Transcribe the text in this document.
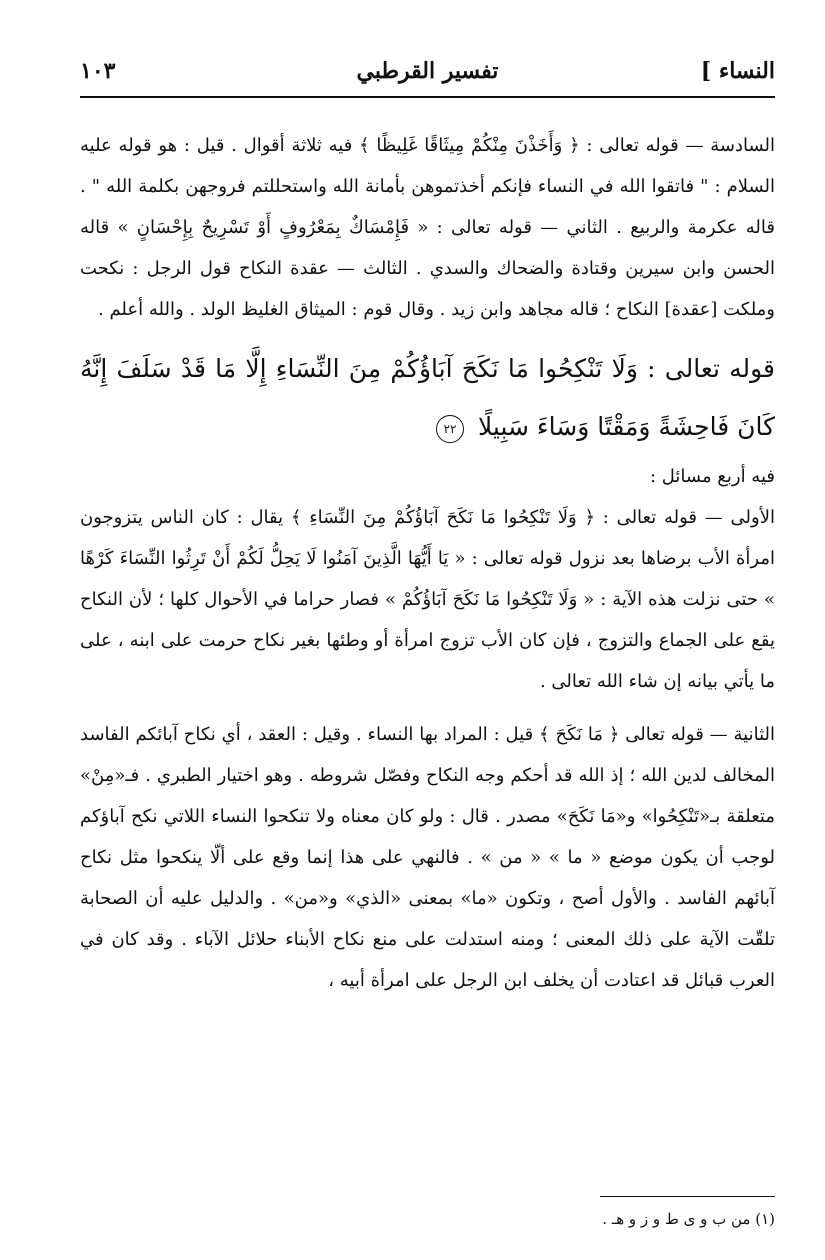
النساء ]
تفسير القرطبي
١٠٣

السادسة — قوله تعالى : ﴿ وَأَخَذْنَ مِنْكُمْ مِيثَاقًا غَلِيظًا ﴾ فيه ثلاثة أقوال . قيل : هو قوله عليه السلام : " فاتقوا الله في النساء فإنكم أخذتموهن بأمانة الله واستحللتم فروجهن بكلمة الله " . قاله عكرمة والربيع . الثاني — قوله تعالى : « فَإِمْسَاكٌ بِمَعْرُوفٍ أَوْ تَسْرِيحٌ بِإِحْسَانٍ » قاله الحسن وابن سيرين وقتادة والضحاك والسدي . الثالث — عقدة النكاح قول الرجل : نكحت وملكت [عقدة] النكاح ؛ قاله مجاهد وابن زيد . وقال قوم : الميثاق الغليظ الولد . والله أعلم .

قوله تعالى : وَلَا تَنْكِحُوا مَا نَكَحَ آبَاؤُكُمْ مِنَ النِّسَاءِ إِلَّا مَا قَدْ سَلَفَ إِنَّهُ كَانَ فَاحِشَةً وَمَقْتًا وَسَاءَ سَبِيلًا ٢٢

فيه أربع مسائل :

الأولى — قوله تعالى : ﴿ وَلَا تَنْكِحُوا مَا نَكَحَ آبَاؤُكُمْ مِنَ النِّسَاءِ ﴾ يقال : كان الناس يتزوجون امرأة الأب برضاها بعد نزول قوله تعالى : « يَا أَيُّهَا الَّذِينَ آمَنُوا لَا يَحِلُّ لَكُمْ أَنْ تَرِثُوا النِّسَاءَ كَرْهًا » حتى نزلت هذه الآية : « وَلَا تَنْكِحُوا مَا نَكَحَ آبَاؤُكُمْ » فصار حراما في الأحوال كلها ؛ لأن النكاح يقع على الجماع والتزوج ، فإن كان الأب تزوج امرأة أو وطئها بغير نكاح حرمت على ابنه ، على ما يأتي بيانه إن شاء الله تعالى .

الثانية — قوله تعالى ﴿ مَا نَكَحَ ﴾ قيل : المراد بها النساء . وقيل : العقد ، أي نكاح آبائكم الفاسد المخالف لدين الله ؛ إذ الله قد أحكم وجه النكاح وفصّل شروطه . وهو اختيار الطبري . فـ«مِنْ» متعلقة بـ«تَنْكِحُوا» و«مَا نَكَحَ» مصدر . قال : ولو كان معناه ولا تنكحوا النساء اللاتي نكح آباؤكم لوجب أن يكون موضع « ما » « من » . فالنهي على هذا إنما وقع على ألّا ينكحوا مثل نكاح آبائهم الفاسد . والأول أصح ، وتكون «ما» بمعنى «الذي» و«من» . والدليل عليه أن الصحابة تلقّت الآية على ذلك المعنى ؛ ومنه استدلت على منع نكاح الأبناء حلائل الآباء . وقد كان في العرب قبائل قد اعتادت أن يخلف ابن الرجل على امرأة أبيه ،

(١) من ب و ى ط و ز و هـ .
